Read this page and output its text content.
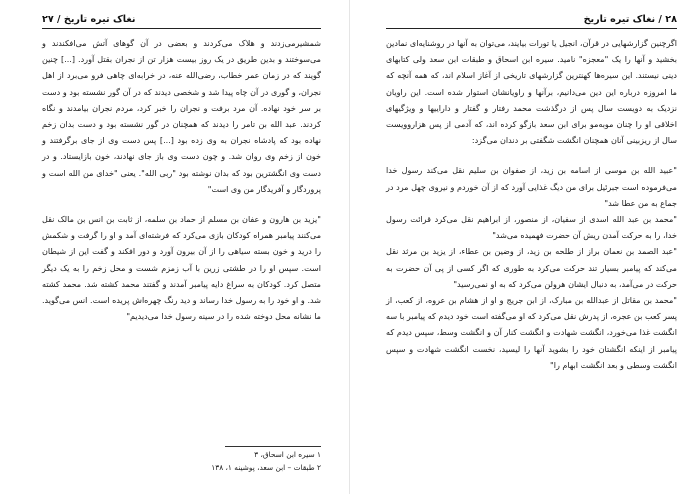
نغاک تیره تاریخ / ۲۷

شمشیرمی‌زدند و هلاک می‌کردند و بعضی در آن گوهای آتش می‌افکندند و می‌سوختند و بدین طریق در یک روز بیست هزار تن از نجران بقتل آورد. [...] چنین گویند که در زمان عمر خطاب، رضی‌الله عنه، در خرابه‌ای چاهی فرو می‌برد از اهل نجران، و گوری در آن چاه پیدا شد و شخصی دیدند که در آن گور نشسته بود و دست بر سر خود نهاده. آن مرد برفت و نجران را خبر کرد، مردم نجران بیامدند و نگاه کردند. عبد الله بن تامر را دیدند که همچنان در گور نشسته بود و دست بدان زخم نهاده بود که پادشاه نجران به وی زده بود [...] پس دست وی از جای برگرفتند و خون از زخم وی روان شد. و چون دست وی باز جای نهادند، خون بازایستاد. و در دست وی انگشترین بود که بدان نوشته بود "ربی الله". یعنی "خدای من الله است و پروردگار و آفریدگار من وی است"

"یزید بن هارون و عفان بن مسلم از حماد بن سلمه، از ثابت بن انس بن مالک نقل می‌کنند پیامبر همراه کودکان بازی می‌کرد که فرشته‌ای آمد و او را گرفت و شکمش را درید و خون بسته سیاهی را از آن بیرون آورد و دور افکند و گفت این از شیطان است. سپس او را در طشتی زرین با آب زمزم شست و محل زخم را به یک دیگر متصل کرد. کودکان به سراغ دایه پیامبر آمدند و گفتند محمد کشته شد. محمد کشته شد. و او خود را به رسول خدا رساند و دید رنگ چهره‌اش پریده است. انس می‌گوید. ما نشانه محل دوخته شده را در سینه رسول خدا می‌دیدیم"

۱ سیره ابن اسحاق، ۳

۲ طبقات – ابن سعد، پوشینه ۱، ۱۳۸

۲۸ / نغاک تیره تاریخ

اگرچنین گزارشهایی در قرآن، انجیل یا تورات بیایند، می‌توان به آنها در روشنایه‌ای نمادین بخشید و آنها را یک "معجزه" نامید. سیره ابن اسحاق و طبقات ابن سعد ولی کتابهای دینی نیستند. این سیره‌ها کهنترین گزارشهای تاریخی از آغاز اسلام اند، که همه آنچه که ما امروزه درباره این دین می‌دانیم، برآنها و راویانشان استوار شده است. این راویان نزدیک به دویست سال پس از درگذشت محمد رفتار و گفتار و داراییها و ویژگیهای اخلاقی او را چنان موبه‌مو برای ابن سعد بازگو کرده اند، که آدمی از پس هزاروویست سال از ریزبینی آنان همچنان انگشت شگفتی بر دندان می‌گزد:

"عبید الله بن موسی از اسامه بن زید، از صفوان بن سلیم نقل می‌کند رسول خدا می‌فرموده است جبرئیل برای من دیگ غذایی آورد که از آن خوردم و نیروی چهل مرد در جماع به من عطا شد"

"محمد بن عبد الله اسدی از سفیان، از منصور، از ابراهیم نقل می‌کرد قرائت رسول خدا، را به حرکت آمدن ریش آن حضرت فهمیده می‌شد"

"عبد الصمد بن نعمان براز از طلحه بن زید، از وضین بن عطاء، از یزید بن مرثد نقل می‌کند که پیامبر بسیار تند حرکت می‌کرد به طوری که اگر کسی از پی آن حضرت به حرکت در می‌آمد، به دنبال ایشان هرولن می‌کرد که به او نمی‌رسید"

"محمد بن مقاتل از عبدالله بن مبارک، از ابن جریج و او از هشام بن عروه، از کعب، از پسر کعب بن عجره، از پدرش نقل می‌کرد که او می‌گفته است خود دیدم که پیامبر با سه انگشت غذا می‌خورد، انگشت شهادت و انگشت کنار آن و انگشت وسط، سپس دیدم که پیامبر از اینکه انگشتان خود را بشوید آنها را لیسید، نخست انگشت شهادت و سپس انگشت وسطی و بعد انگشت ابهام را"
